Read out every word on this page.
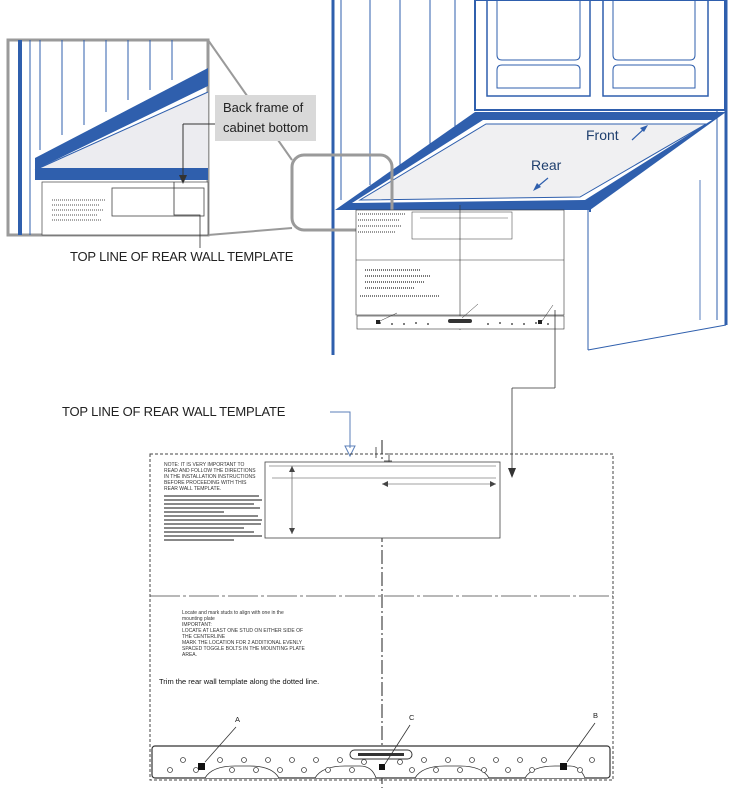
Back frame of
cabinet bottom
TOP LINE OF REAR WALL TEMPLATE
Front
Rear
TOP LINE OF REAR WALL TEMPLATE
NOTE: IT IS VERY IMPORTANT TO
READ AND FOLLOW THE DIRECTIONS
IN THE INSTALLATION INSTRUCTIONS
BEFORE PROCEEDING WITH THIS
REAR WALL TEMPLATE.
Locate and mark studs to align with one in the
mounting plate
IMPORTANT:
LOCATE AT LEAST ONE STUD ON EITHER SIDE OF
THE CENTERLINE
MARK THE LOCATION FOR 2 ADDITIONAL EVENLY
SPACED TOGGLE BOLTS IN THE MOUNTING PLATE
AREA.
Trim the rear wall template along the dotted line.
A	C	B
